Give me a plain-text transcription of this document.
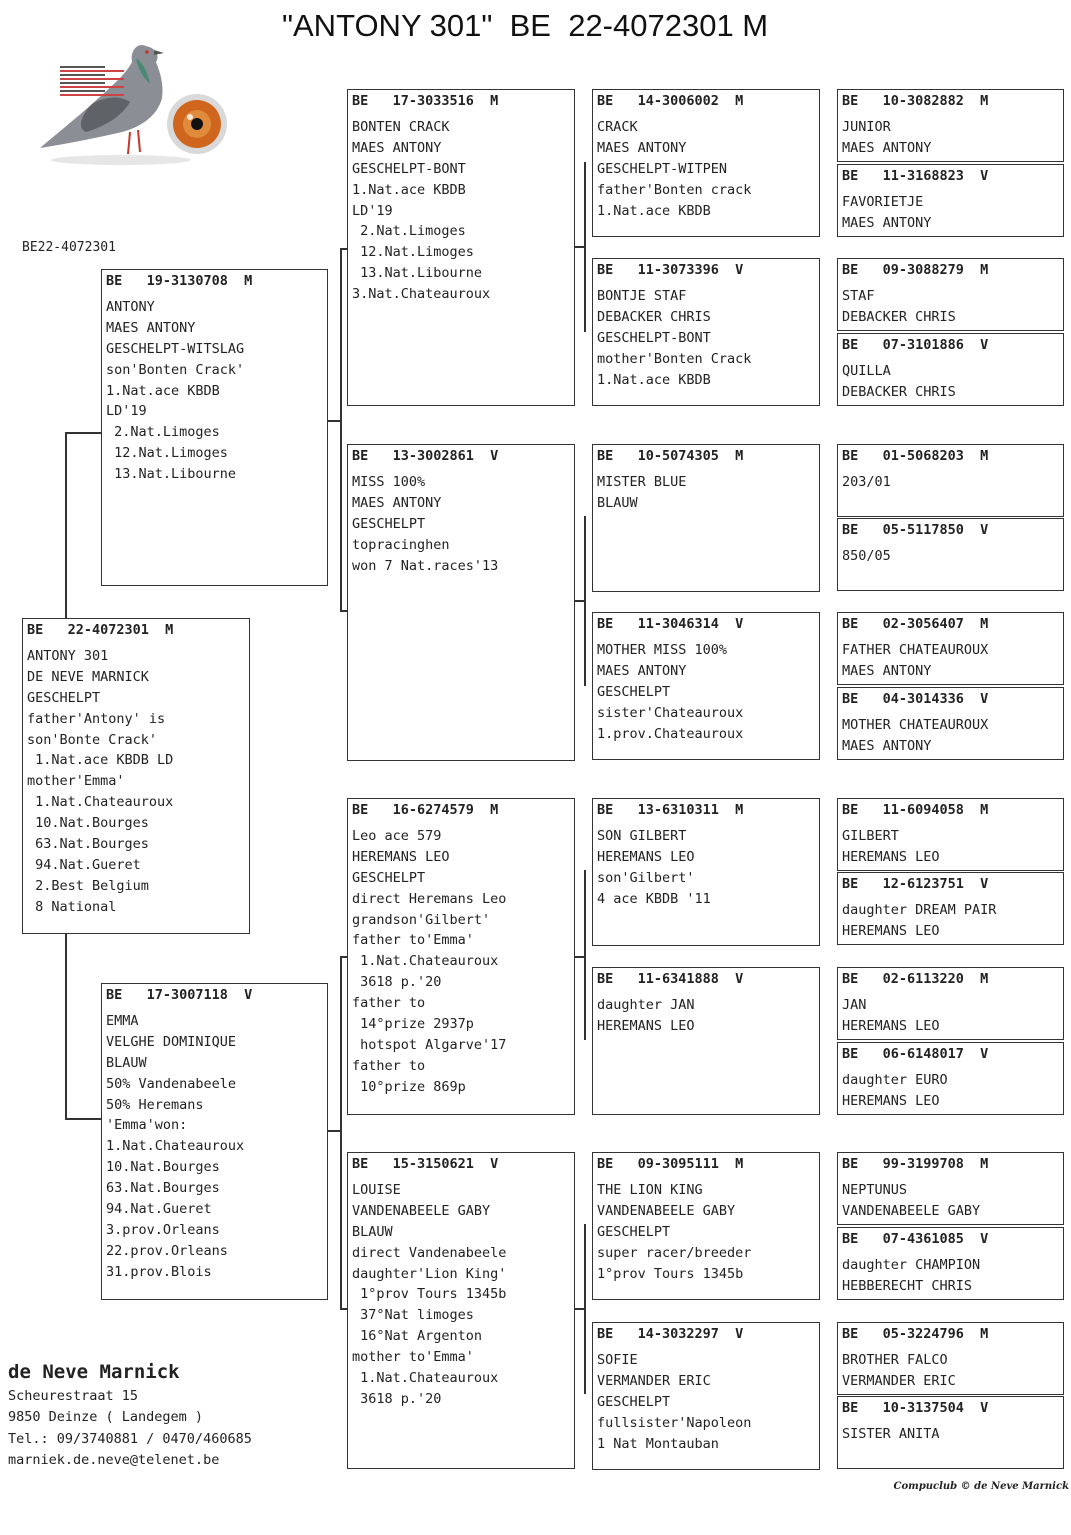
"ANTONY 301"  BE  22-4072301 M
BE22-4072301
BE   22-4072301  M
ANTONY 301
DE NEVE MARNICK
GESCHELPT
father'Antony' is
son'Bonte Crack'
1.Nat.ace KBDB LD
mother'Emma'
1.Nat.Chateauroux
10.Nat.Bourges
63.Nat.Bourges
94.Nat.Gueret
2.Best Belgium
8 National
BE   19-3130708  M
ANTONY
MAES ANTONY
GESCHELPT-WITSLAG
son'Bonten Crack'
1.Nat.ace KBDB
LD'19
2.Nat.Limoges
12.Nat.Limoges
13.Nat.Libourne
BE   17-3007118  V
EMMA
VELGHE DOMINIQUE
BLAUW
50% Vandenabeele
50% Heremans
'Emma'won:
1.Nat.Chateauroux
10.Nat.Bourges
63.Nat.Bourges
94.Nat.Gueret
3.prov.Orleans
22.prov.Orleans
31.prov.Blois
BE   17-3033516  M
BONTEN CRACK
MAES ANTONY
GESCHELPT-BONT
1.Nat.ace KBDB
LD'19
2.Nat.Limoges
12.Nat.Limoges
13.Nat.Libourne
3.Nat.Chateauroux
BE   13-3002861  V
MISS 100%
MAES ANTONY
GESCHELPT
topracinghen
won 7 Nat.races'13
BE   16-6274579  M
Leo ace 579
HEREMANS LEO
GESCHELPT
direct Heremans Leo
grandson'Gilbert'
father to'Emma'
1.Nat.Chateauroux
3618 p.'20
father to
14°prize 2937p
hotspot Algarve'17
father to
10°prize 869p
BE   15-3150621  V
LOUISE
VANDENABEELE GABY
BLAUW
direct Vandenabeele
daughter'Lion King'
1°prov Tours 1345b
37°Nat limoges
16°Nat Argenton
mother to'Emma'
1.Nat.Chateauroux
3618 p.'20
BE   14-3006002  M
CRACK
MAES ANTONY
GESCHELPT-WITPEN
father'Bonten crack
1.Nat.ace KBDB
BE   11-3073396  V
BONTJE STAF
DEBACKER CHRIS
GESCHELPT-BONT
mother'Bonten Crack
1.Nat.ace KBDB
BE   10-5074305  M
MISTER BLUE
BLAUW
BE   11-3046314  V
MOTHER MISS 100%
MAES ANTONY
GESCHELPT
sister'Chateauroux
1.prov.Chateauroux
BE   13-6310311  M
SON GILBERT
HEREMANS LEO
son'Gilbert'
4 ace KBDB '11
BE   11-6341888  V
daughter JAN
HEREMANS LEO
BE   09-3095111  M
THE LION KING
VANDENABEELE GABY
GESCHELPT
super racer/breeder
1°prov Tours 1345b
BE   14-3032297  V
SOFIE
VERMANDER ERIC
GESCHELPT
fullsister'Napoleon
1 Nat Montauban
BE   10-3082882  M
JUNIOR
MAES ANTONY
BE   11-3168823  V
FAVORIETJE
MAES ANTONY
BE   09-3088279  M
STAF
DEBACKER CHRIS
BE   07-3101886  V
QUILLA
DEBACKER CHRIS
BE   01-5068203  M
203/01
BE   05-5117850  V
850/05
BE   02-3056407  M
FATHER CHATEAUROUX
MAES ANTONY
BE   04-3014336  V
MOTHER CHATEAUROUX
MAES ANTONY
BE   11-6094058  M
GILBERT
HEREMANS LEO
BE   12-6123751  V
daughter DREAM PAIR
HEREMANS LEO
BE   02-6113220  M
JAN
HEREMANS LEO
BE   06-6148017  V
daughter EURO
HEREMANS LEO
BE   99-3199708  M
NEPTUNUS
VANDENABEELE GABY
BE   07-4361085  V
daughter CHAMPION
HEBBERECHT CHRIS
BE   05-3224796  M
BROTHER FALCO
VERMANDER ERIC
BE   10-3137504  V
SISTER ANITA
de Neve Marnick
Scheurestraat 15
9850 Deinze ( Landegem )
Tel.: 09/3740881 / 0470/460685
marniek.de.neve@telenet.be
Compuclub © de Neve Marnick
